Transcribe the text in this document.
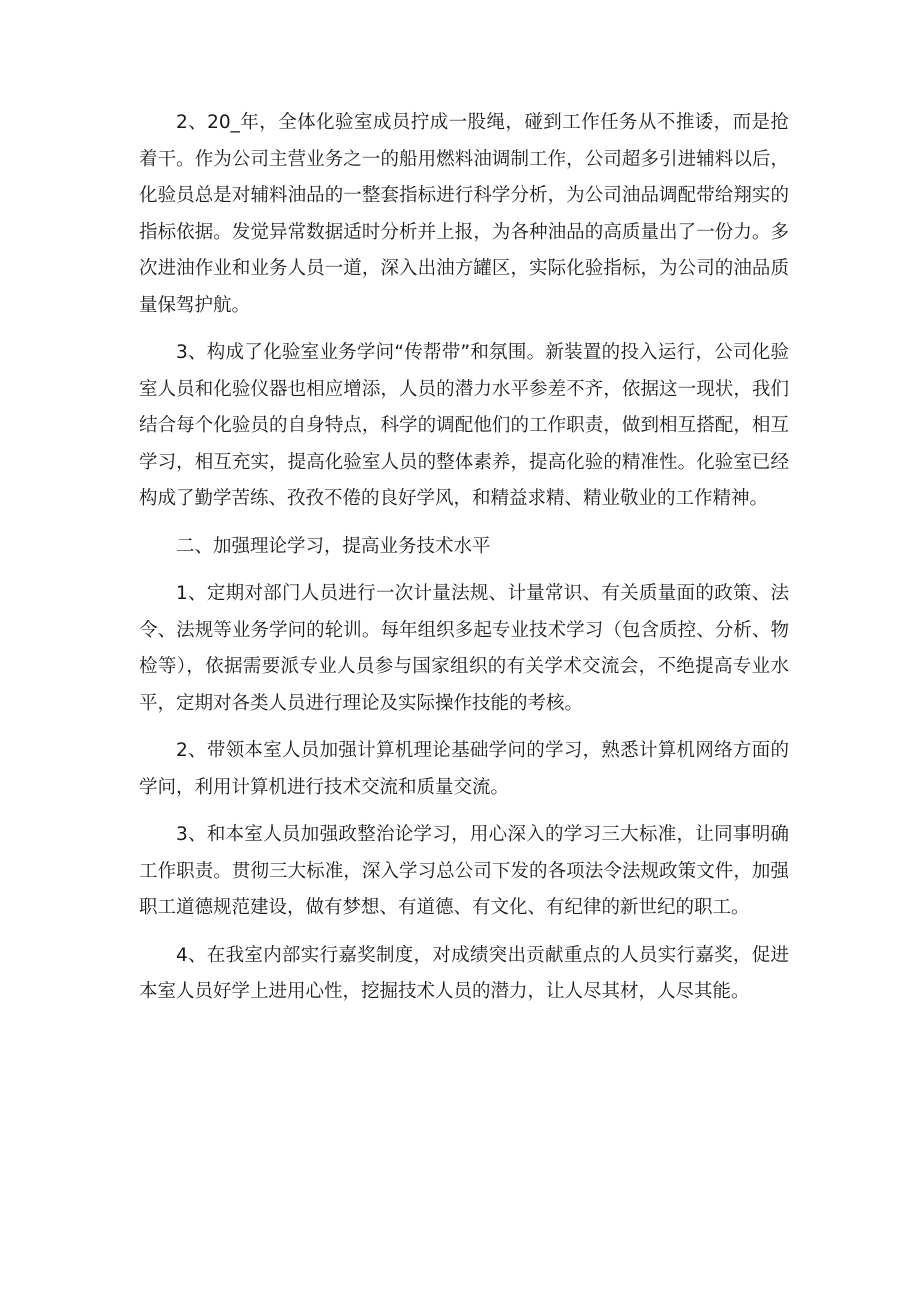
2、20_年，全体化验室成员拧成一股绳，碰到工作任务从不推诿，而是抢着干。作为公司主营业务之一的船用燃料油调制工作，公司超多引进辅料以后，化验员总是对辅料油品的一整套指标进行科学分析，为公司油品调配带给翔实的指标依据。发觉异常数据适时分析并上报，为各种油品的高质量出了一份力。多次进油作业和业务人员一道，深入出油方罐区，实际化验指标，为公司的油品质量保驾护航。

3、构成了化验室业务学问“传帮带”和氛围。新装置的投入运行，公司化验室人员和化验仪器也相应增添，人员的潜力水平参差不齐，依据这一现状，我们结合每个化验员的自身特点，科学的调配他们的工作职责，做到相互搭配，相互学习，相互充实，提高化验室人员的整体素养，提高化验的精准性。化验室已经构成了勤学苦练、孜孜不倦的良好学风，和精益求精、精业敬业的工作精神。

二、加强理论学习，提高业务技术水平

1、定期对部门人员进行一次计量法规、计量常识、有关质量面的政策、法令、法规等业务学问的轮训。每年组织多起专业技术学习（包含质控、分析、物检等），依据需要派专业人员参与国家组织的有关学术交流会，不绝提高专业水平，定期对各类人员进行理论及实际操作技能的考核。

2、带领本室人员加强计算机理论基础学问的学习，熟悉计算机网络方面的学问，利用计算机进行技术交流和质量交流。

3、和本室人员加强政整治论学习，用心深入的学习三大标准，让同事明确工作职责。贯彻三大标准，深入学习总公司下发的各项法令法规政策文件，加强职工道德规范建设，做有梦想、有道德、有文化、有纪律的新世纪的职工。

4、在我室内部实行嘉奖制度，对成绩突出贡献重点的人员实行嘉奖，促进本室人员好学上进用心性，挖掘技术人员的潜力，让人尽其材，人尽其能。
